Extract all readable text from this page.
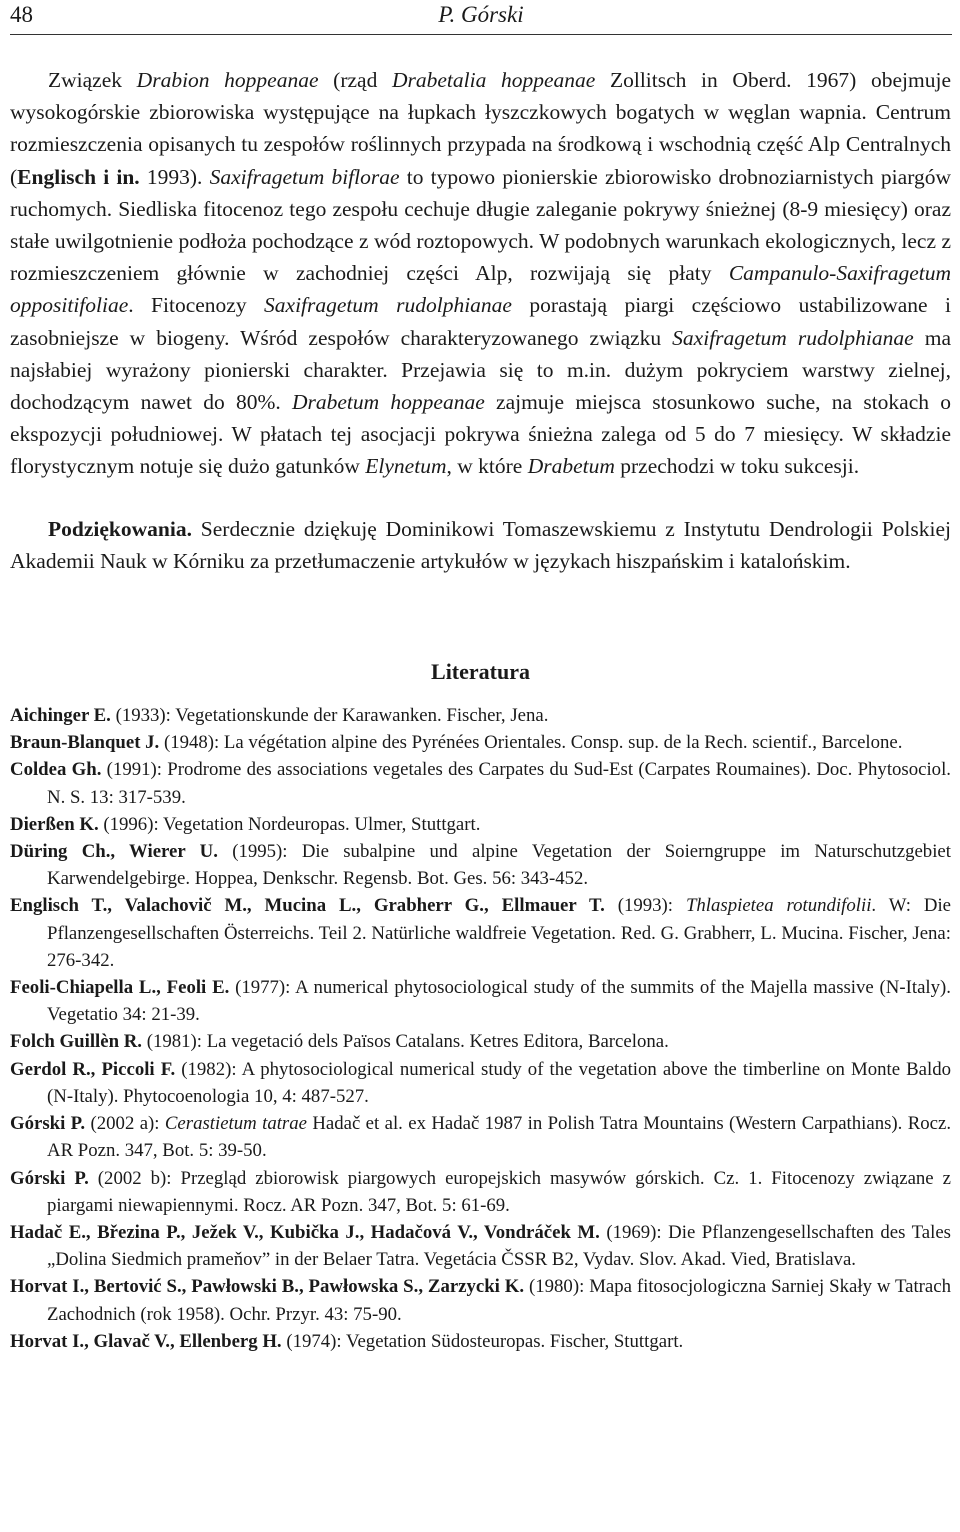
48	P. Górski

Związek Drabion hoppeanae (rząd Drabetalia hoppeanae Zollitsch in Oberd. 1967) obejmuje wysokogórskie zbiorowiska występujące na łupkach łyszczkowych bogatych w węglan wapnia. Centrum rozmieszczenia opisanych tu zespołów roślinnych przypada na środkową i wschodnią część Alp Centralnych (Englisch i in. 1993). Saxifragetum biflorae to typowo pionierskie zbiorowisko drobnoziarnistych piargów ruchomych. Siedliska fitocenoz tego zespołu cechuje długie zaleganie pokrywy śnieżnej (8-9 miesięcy) oraz stałe uwilgotnienie podłoża pochodzące z wód roztopowych. W podobnych warunkach ekologicznych, lecz z rozmieszczeniem głównie w zachodniej części Alp, rozwijają się płaty Campanulo-Saxifragetum oppositifoliae. Fitocenozy Saxifragetum rudolphianae porastają piargi częściowo ustabilizowane i zasobniejsze w biogeny. Wśród zespołów charakteryzowanego związku Saxifragetum rudolphianae ma najsłabiej wyrażony pionierski charakter. Przejawia się to m.in. dużym pokryciem warstwy zielnej, dochodzącym nawet do 80%. Drabetum hoppeanae zajmuje miejsca stosunkowo suche, na stokach o ekspozycji południowej. W płatach tej asocjacji pokrywa śnieżna zalega od 5 do 7 miesięcy. W składzie florystycznym notuje się dużo gatunków Elynetum, w które Drabetum przechodzi w toku sukcesji.

Podziękowania. Serdecznie dziękuję Dominikowi Tomaszewskiemu z Instytutu Dendrologii Polskiej Akademii Nauk w Kórniku za przetłumaczenie artykułów w językach hiszpańskim i katalońskim.

Literatura
Aichinger E. (1933): Vegetationskunde der Karawanken. Fischer, Jena.
Braun-Blanquet J. (1948): La végétation alpine des Pyrénées Orientales. Consp. sup. de la Rech. scientif., Barcelone.
Coldea Gh. (1991): Prodrome des associations vegetales des Carpates du Sud-Est (Carpates Roumaines). Doc. Phytosociol. N. S. 13: 317-539.
Dierßen K. (1996): Vegetation Nordeuropas. Ulmer, Stuttgart.
Düring Ch., Wierer U. (1995): Die subalpine und alpine Vegetation der Soierngruppe im Naturschutzgebiet Karwendelgebirge. Hoppea, Denkschr. Regensb. Bot. Ges. 56: 343-452.
Englisch T., Valachovič M., Mucina L., Grabherr G., Ellmauer T. (1993): Thlaspietea rotundifolii. W: Die Pflanzengesellschaften Österreichs. Teil 2. Natürliche waldfreie Vegetation. Red. G. Grabherr, L. Mucina. Fischer, Jena: 276-342.
Feoli-Chiapella L., Feoli E. (1977): A numerical phytosociological study of the summits of the Majella massive (N-Italy). Vegetatio 34: 21-39.
Folch Guillèn R. (1981): La vegetació dels Països Catalans. Ketres Editora, Barcelona.
Gerdol R., Piccoli F. (1982): A phytosociological numerical study of the vegetation above the timberline on Monte Baldo (N-Italy). Phytocoenologia 10, 4: 487-527.
Górski P. (2002 a): Cerastietum tatrae Hadač et al. ex Hadač 1987 in Polish Tatra Mountains (Western Carpathians). Rocz. AR Pozn. 347, Bot. 5: 39-50.
Górski P. (2002 b): Przegląd zbiorowisk piargowych europejskich masywów górskich. Cz. 1. Fitocenozy związane z piargami niewapiennymi. Rocz. AR Pozn. 347, Bot. 5: 61-69.
Hadač E., Březina P., Ježek V., Kubička J., Hadačová V., Vondráček M. (1969): Die Pflanzengesellschaften des Tales „Dolina Siedmich prameňov” in der Belaer Tatra. Vegetácia ČSSR B2, Vydav. Slov. Akad. Vied, Bratislava.
Horvat I., Bertović S., Pawłowski B., Pawłowska S., Zarzycki K. (1980): Mapa fitosocjologiczna Sarniej Skały w Tatrach Zachodnich (rok 1958). Ochr. Przyr. 43: 75-90.
Horvat I., Glavač V., Ellenberg H. (1974): Vegetation Südosteuropas. Fischer, Stuttgart.
